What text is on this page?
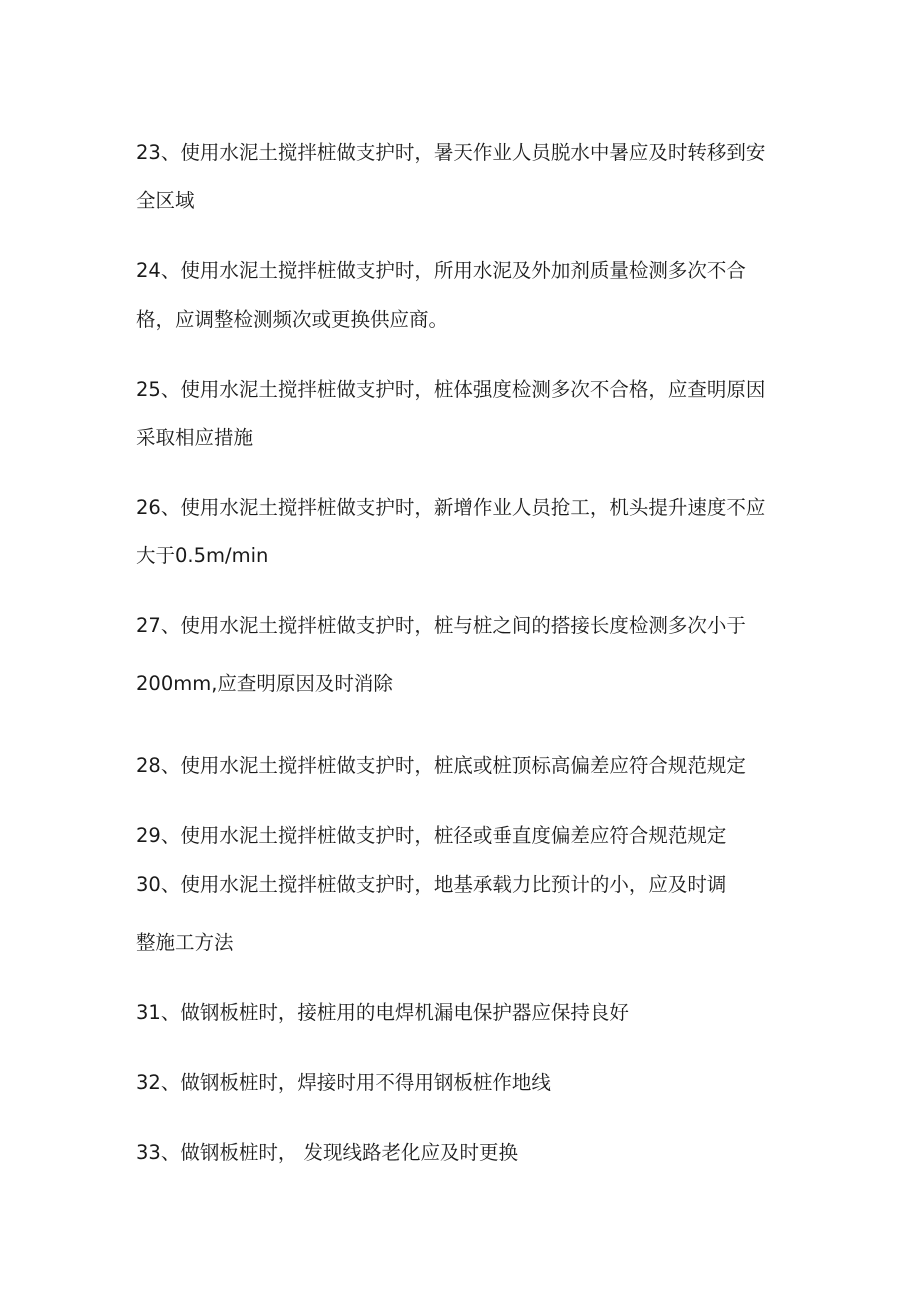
23、使用水泥土搅拌桩做支护时，暑天作业人员脱水中暑应及时转移到安
全区域
24、使用水泥土搅拌桩做支护时，所用水泥及外加剂质量检测多次不合
格，应调整检测频次或更换供应商。
25、使用水泥土搅拌桩做支护时，桩体强度检测多次不合格，应查明原因
采取相应措施
26、使用水泥土搅拌桩做支护时，新增作业人员抢工，机头提升速度不应
大于0.5m/min
27、使用水泥土搅拌桩做支护时，桩与桩之间的搭接长度检测多次小于
200mm,应查明原因及时消除
28、使用水泥土搅拌桩做支护时，桩底或桩顶标高偏差应符合规范规定
29、使用水泥土搅拌桩做支护时，桩径或垂直度偏差应符合规范规定
30、使用水泥土搅拌桩做支护时，地基承载力比预计的小，应及时调
整施工方法
31、做钢板桩时，接桩用的电焊机漏电保护器应保持良好
32、做钢板桩时，焊接时用不得用钢板桩作地线
33、做钢板桩时， 发现线路老化应及时更换
